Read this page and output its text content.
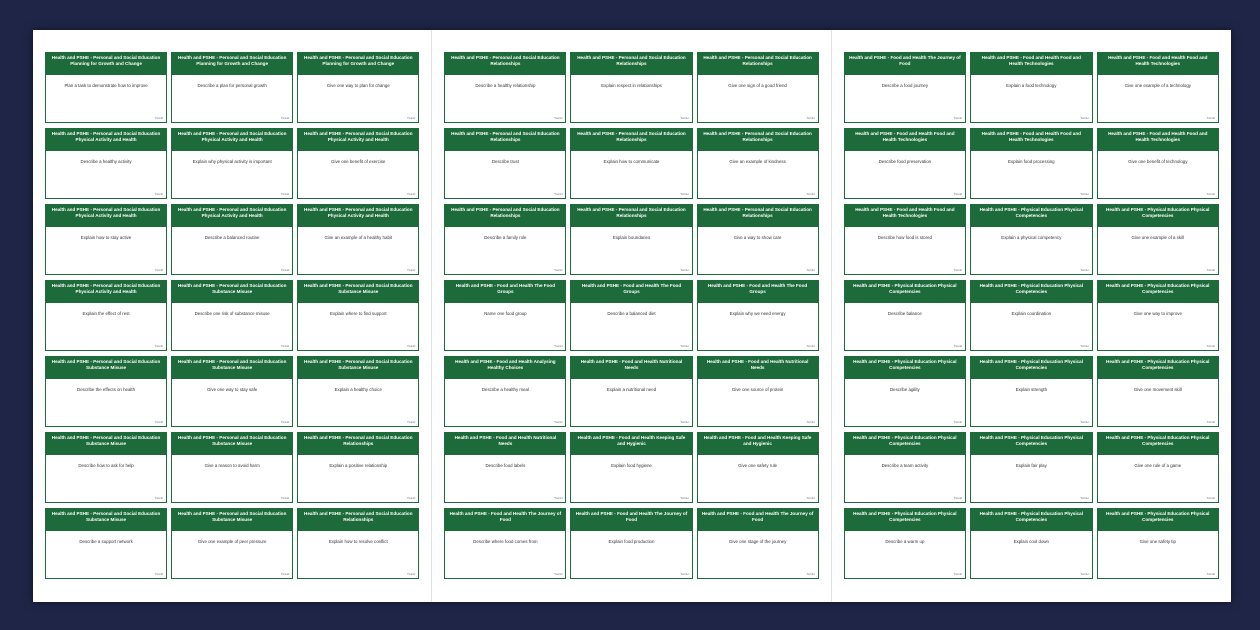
Health and PSHE - Personal and Social Education Planning for Growth and Change
Plan a task to demonstrate how to improve
Twinkl
Health and PSHE - Personal and Social Education Planning for Growth and Change
Describe a plan for personal growth
Twinkl
Health and PSHE - Personal and Social Education Planning for Growth and Change
Give one way to plan for change
Twinkl
Health and PSHE - Personal and Social Education Physical Activity and Health
Describe a healthy activity
Twinkl
Health and PSHE - Personal and Social Education Physical Activity and Health
Explain why physical activity is important
Twinkl
Health and PSHE - Personal and Social Education Physical Activity and Health
Give one benefit of exercise
Twinkl
Health and PSHE - Personal and Social Education Physical Activity and Health
Explain how to stay active
Twinkl
Health and PSHE - Personal and Social Education Physical Activity and Health
Describe a balanced routine
Twinkl
Health and PSHE - Personal and Social Education Physical Activity and Health
Give an example of a healthy habit
Twinkl
Health and PSHE - Personal and Social Education Physical Activity and Health
Explain the effect of rest
Twinkl
Health and PSHE - Personal and Social Education Substance Misuse
Describe one risk of substance misuse
Twinkl
Health and PSHE - Personal and Social Education Substance Misuse
Explain where to find support
Twinkl
Health and PSHE - Personal and Social Education Substance Misuse
Describe the effects on health
Twinkl
Health and PSHE - Personal and Social Education Substance Misuse
Give one way to stay safe
Twinkl
Health and PSHE - Personal and Social Education Substance Misuse
Explain a healthy choice
Twinkl
Health and PSHE - Personal and Social Education Substance Misuse
Describe how to ask for help
Twinkl
Health and PSHE - Personal and Social Education Substance Misuse
Give a reason to avoid harm
Twinkl
Health and PSHE - Personal and Social Education Relationships
Explain a positive relationship
Twinkl
Health and PSHE - Personal and Social Education Substance Misuse
Describe a support network
Twinkl
Health and PSHE - Personal and Social Education Substance Misuse
Give one example of peer pressure
Twinkl
Health and PSHE - Personal and Social Education Relationships
Explain how to resolve conflict
Twinkl
Health and PSHE - Personal and Social Education Relationships
Describe a healthy relationship
Twinkl
Health and PSHE - Personal and Social Education Relationships
Explain respect in relationships
Twinkl
Health and PSHE - Personal and Social Education Relationships
Give one sign of a good friend
Twinkl
Health and PSHE - Personal and Social Education Relationships
Describe trust
Twinkl
Health and PSHE - Personal and Social Education Relationships
Explain how to communicate
Twinkl
Health and PSHE - Personal and Social Education Relationships
Give an example of kindness
Twinkl
Health and PSHE - Personal and Social Education Relationships
Describe a family role
Twinkl
Health and PSHE - Personal and Social Education Relationships
Explain boundaries
Twinkl
Health and PSHE - Personal and Social Education Relationships
Give a way to show care
Twinkl
Health and PSHE - Food and Health The Food Groups
Name one food group
Twinkl
Health and PSHE - Food and Health The Food Groups
Describe a balanced diet
Twinkl
Health and PSHE - Food and Health The Food Groups
Explain why we need energy
Twinkl
Health and PSHE - Food and Health Analysing Healthy Choices
Describe a healthy meal
Twinkl
Health and PSHE - Food and Health Nutritional Needs
Explain a nutritional need
Twinkl
Health and PSHE - Food and Health Nutritional Needs
Give one source of protein
Twinkl
Health and PSHE - Food and Health Nutritional Needs
Describe food labels
Twinkl
Health and PSHE - Food and Health Keeping Safe and Hygienic
Explain food hygiene
Twinkl
Health and PSHE - Food and Health Keeping Safe and Hygienic
Give one safety rule
Twinkl
Health and PSHE - Food and Health The Journey of Food
Describe where food comes from
Twinkl
Health and PSHE - Food and Health The Journey of Food
Explain food production
Twinkl
Health and PSHE - Food and Health The Journey of Food
Give one stage of the journey
Twinkl
Health and PSHE - Food and Health The Journey of Food
Describe a food journey
Twinkl
Health and PSHE - Food and Health Food and Health Technologies
Explain a food technology
Twinkl
Health and PSHE - Food and Health Food and Health Technologies
Give one example of a technology
Twinkl
Health and PSHE - Food and Health Food and Health Technologies
Describe food preservation
Twinkl
Health and PSHE - Food and Health Food and Health Technologies
Explain food processing
Twinkl
Health and PSHE - Food and Health Food and Health Technologies
Give one benefit of technology
Twinkl
Health and PSHE - Food and Health Food and Health Technologies
Describe how food is stored
Twinkl
Health and PSHE - Physical Education Physical Competencies
Explain a physical competency
Twinkl
Health and PSHE - Physical Education Physical Competencies
Give one example of a skill
Twinkl
Health and PSHE - Physical Education Physical Competencies
Describe balance
Twinkl
Health and PSHE - Physical Education Physical Competencies
Explain coordination
Twinkl
Health and PSHE - Physical Education Physical Competencies
Give one way to improve
Twinkl
Health and PSHE - Physical Education Physical Competencies
Describe agility
Twinkl
Health and PSHE - Physical Education Physical Competencies
Explain strength
Twinkl
Health and PSHE - Physical Education Physical Competencies
Give one movement skill
Twinkl
Health and PSHE - Physical Education Physical Competencies
Describe a team activity
Twinkl
Health and PSHE - Physical Education Physical Competencies
Explain fair play
Twinkl
Health and PSHE - Physical Education Physical Competencies
Give one rule of a game
Twinkl
Health and PSHE - Physical Education Physical Competencies
Describe a warm up
Twinkl
Health and PSHE - Physical Education Physical Competencies
Explain cool down
Twinkl
Health and PSHE - Physical Education Physical Competencies
Give one safety tip
Twinkl
